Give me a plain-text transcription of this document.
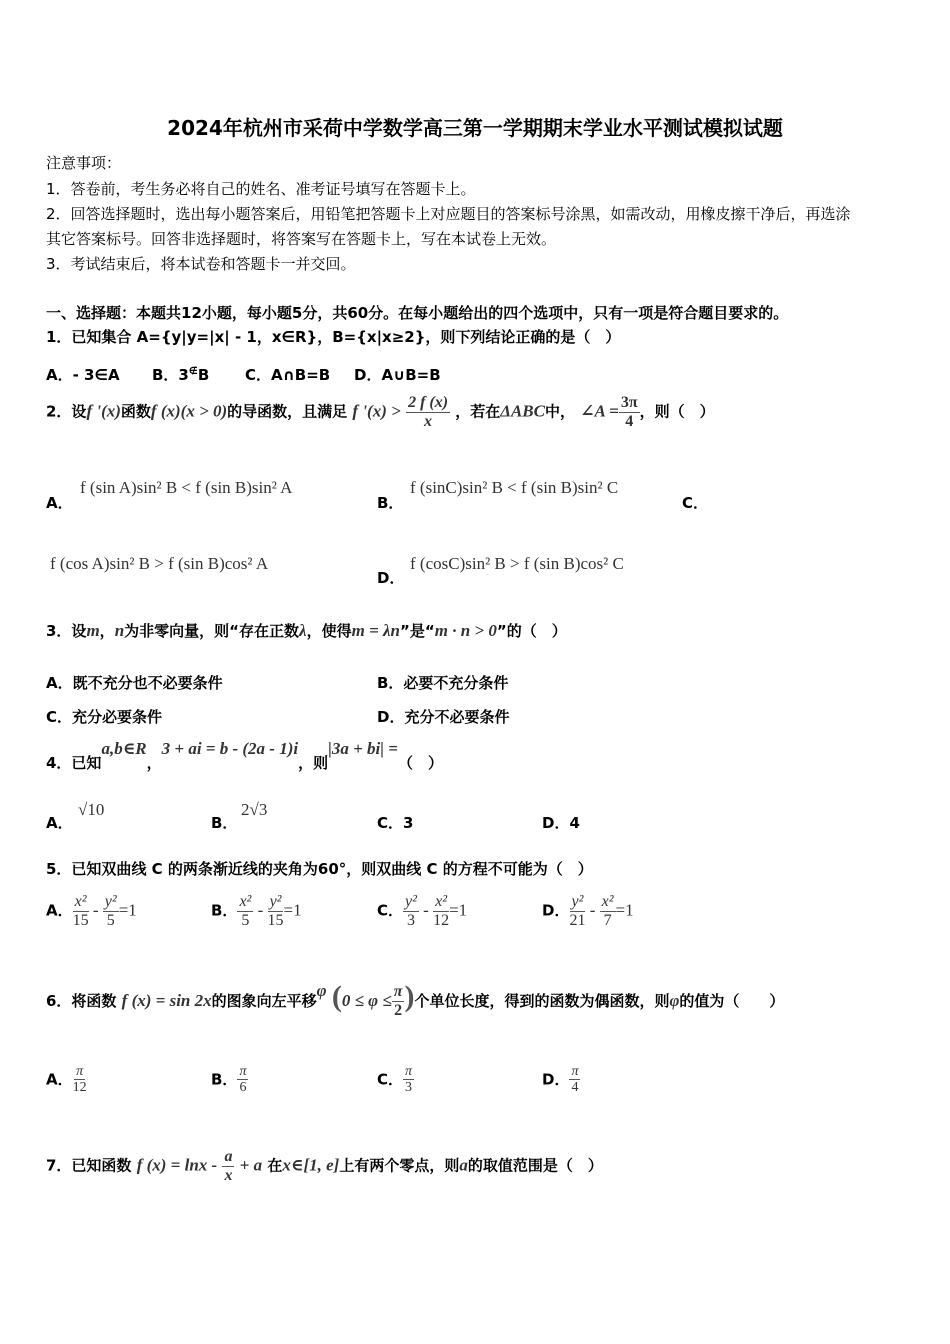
2024年杭州市采荷中学数学高三第一学期期末学业水平测试模拟试题
注意事项：
1．答卷前，考生务必将自己的姓名、准考证号填写在答题卡上。
2．回答选择题时，选出每小题答案后，用铅笔把答题卡上对应题目的答案标号涂黑，如需改动，用橡皮擦干净后，再选涂
其它答案标号。回答非选择题时，将答案写在答题卡上，写在本试卷上无效。
3．考试结束后，将本试卷和答题卡一并交回。
一、选择题：本题共12小题，每小题5分，共60分。在每小题给出的四个选项中，只有一项是符合题目要求的。
1．已知集合 A={y|y=|x| - 1，x∈R}，B={x|x≥2}，则下列结论正确的是（　）
A．- 3∈A B．3∉B C．A∩B=B D．A∪B=B
2．设f '(x)函数f (x)(x > 0)的导函数，且满足 f '$(x) > \frac{2 f (x)}{x}$ ，若在ΔABC中， ∠A = $\frac{3\pi}{4}$ ，则（　）
A．
f (sin A)sin² B < f (sin B)sin² A
B．
f (sinC)sin² B < f (sin B)sin² C
C．
f (cos A)sin² B > f (sin B)cos² A
D．
f (cosC)sin² B > f (sin B)cos² C
3．设m，n为非零向量，则“存在正数λ，使得m = λn”是“m · n > 0”的（　）
A．既不充分也不必要条件	B．必要不充分条件
C．充分必要条件	D．充分不必要条件
4．已知a,b∈R，3 + ai = b - (2a - 1)i，则|3a + bi| =（　）
A．
√10
B．
2√3
C．3	D．4
5．已知双曲线 C 的两条渐近线的夹角为60°，则双曲线 C 的方程不可能为（　）
A． $\frac{\text{x²}}{15} - \frac{\text{y²}}{5} =1$	B． $\frac{\text{x²}}{5} - \frac{\text{y²}}{15} =1$	C． $\frac{\text{y²}}{3} - \frac{\text{x²}}{12} =1$	D． $\frac{\text{y²}}{21} - \frac{\text{x²}}{7} =1$
6．将函数 f (x) = sin 2x的图象向左平移φ ($0 \le \varphi \le \frac{\pi}{2}$ )个单位长度，得到的函数为偶函数，则φ的值为（　　）
A． $\frac{\pi}{12}$	B． $\frac{\pi}{6}$	C． $\frac{\pi}{3}$	D． $\frac{\pi}{4}$
7．已知函数 f $(x) = \ln x - \frac{a}{x} + a$ 在x∈[1, e]上有两个零点，则a的取值范围是（　）
